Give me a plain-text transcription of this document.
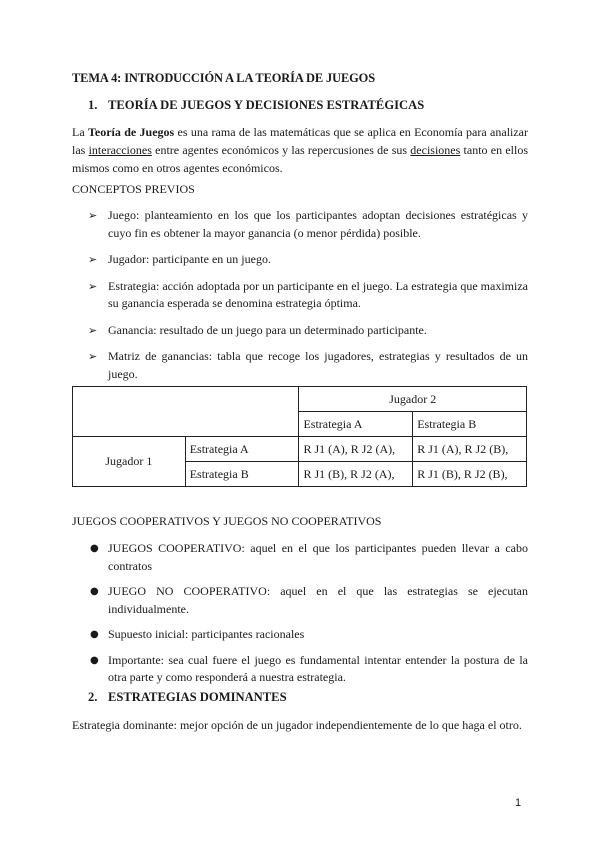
TEMA 4: INTRODUCCIÓN A LA TEORÍA DE JUEGOS
1. TEORÍA DE JUEGOS Y DECISIONES ESTRATÉGICAS
La Teoría de Juegos es una rama de las matemáticas que se aplica en Economía para analizar las interacciones entre agentes económicos y las repercusiones de sus decisiones tanto en ellos mismos como en otros agentes económicos.
CONCEPTOS PREVIOS
➢ Juego: planteamiento en los que los participantes adoptan decisiones estratégicas y cuyo fin es obtener la mayor ganancia (o menor pérdida) posible.
➢ Jugador: participante en un juego.
➢ Estrategia: acción adoptada por un participante en el juego. La estrategia que maximiza su ganancia esperada se denomina estrategia óptima.
➢ Ganancia: resultado de un juego para un determinado participante.
➢ Matriz de ganancias: tabla que recoge los jugadores, estrategias y resultados de un juego.
		Jugador 2	
		Estrategia A	Estrategia B
Jugador 1	Estrategia A	R J1 (A), R J2 (A),	R J1 (A), R J2 (B),
	Estrategia B	R J1 (B), R J2 (A),	R J1 (B), R J2 (B),
JUEGOS COOPERATIVOS Y JUEGOS NO COOPERATIVOS
● JUEGOS COOPERATIVO: aquel en el que los participantes pueden llevar a cabo contratos
● JUEGO NO COOPERATIVO: aquel en el que las estrategias se ejecutan individualmente.
● Supuesto inicial: participantes racionales
● Importante: sea cual fuere el juego es fundamental intentar entender la postura de la otra parte y como responderá a nuestra estrategia.
2. ESTRATEGIAS DOMINANTES
Estrategia dominante: mejor opción de un jugador independientemente de lo que haga el otro.
1
